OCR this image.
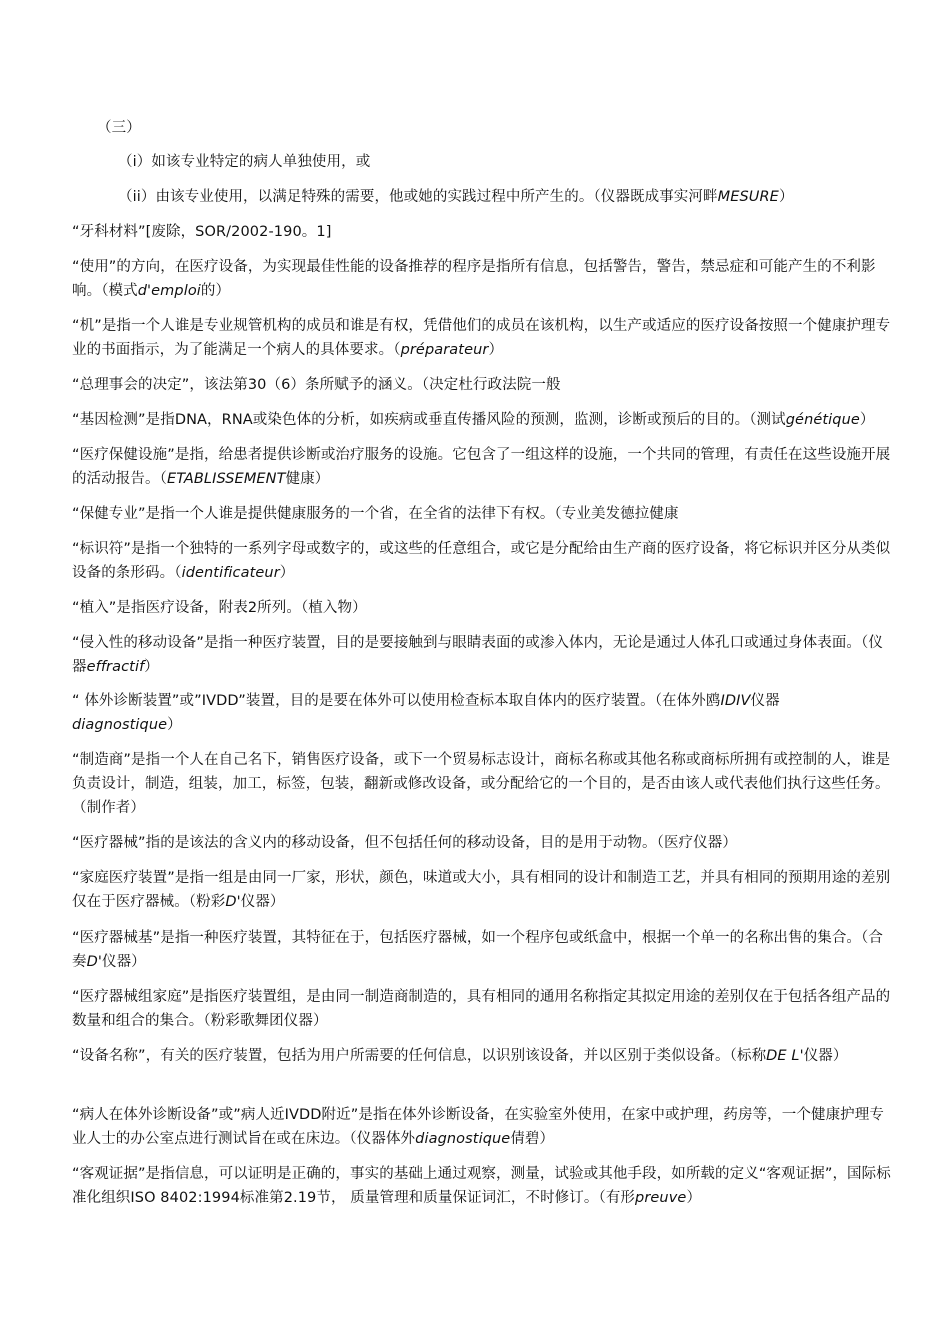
（三）
（i）如该专业特定的病人单独使用，或
（ii）由该专业使用，以满足特殊的需要，他或她的实践过程中所产生的。（仪器既成事实河畔MESURE）
“牙科材料”[废除，SOR/2002-190。1]
“使用”的方向，在医疗设备，为实现最佳性能的设备推荐的程序是指所有信息，包括警告，警告，禁忌症和可能产生的不利影响。（模式d'emploi的）
“机”是指一个人谁是专业规管机构的成员和谁是有权，凭借他们的成员在该机构，以生产或适应的医疗设备按照一个健康护理专业的书面指示，为了能满足一个病人的具体要求。（préparateur）
“总理事会的决定”，该法第30（6）条所赋予的涵义。（决定杜行政法院一般
“基因检测”是指DNA，RNA或染色体的分析，如疾病或垂直传播风险的预测，监测，诊断或预后的目的。（测试génétique）
“医疗保健设施”是指，给患者提供诊断或治疗服务的设施。它包含了一组这样的设施，一个共同的管理，有责任在这些设施开展的活动报告。（ETABLISSEMENT健康）
“保健专业”是指一个人谁是提供健康服务的一个省，在全省的法律下有权。（专业美发德拉健康
“标识符”是指一个独特的一系列字母或数字的，或这些的任意组合，或它是分配给由生产商的医疗设备，将它标识并区分从类似设备的条形码。（identificateur）
“植入”是指医疗设备，附表2所列。（植入物）
“侵入性的移动设备”是指一种医疗装置，目的是要接触到与眼睛表面的或渗入体内，无论是通过人体孔口或通过身体表面。（仪器effractif）
“ 体外诊断装置”或”IVDD”装置，目的是要在体外可以使用检查标本取自体内的医疗装置。（在体外鸥IDIV仪器 diagnostique）
“制造商”是指一个人在自己名下，销售医疗设备，或下一个贸易标志设计，商标名称或其他名称或商标所拥有或控制的人，谁是负责设计，制造，组装，加工，标签，包装，翻新或修改设备，或分配给它的一个目的，是否由该人或代表他们执行这些任务。（制作者）
“医疗器械”指的是该法的含义内的移动设备，但不包括任何的移动设备，目的是用于动物。（医疗仪器）
“家庭医疗装置”是指一组是由同一厂家，形状，颜色，味道或大小，具有相同的设计和制造工艺，并具有相同的预期用途的差别仅在于医疗器械。（粉彩D'仪器）
“医疗器械基”是指一种医疗装置，其特征在于，包括医疗器械，如一个程序包或纸盒中，根据一个单一的名称出售的集合。（合奏D'仪器）
“医疗器械组家庭”是指医疗装置组，是由同一制造商制造的，具有相同的通用名称指定其拟定用途的差别仅在于包括各组产品的数量和组合的集合。（粉彩歌舞团仪器）
“设备名称”，有关的医疗装置，包括为用户所需要的任何信息，以识别该设备，并以区别于类似设备。（标称DE L'仪器）
“病人在体外诊断设备”或”病人近IVDD附近”是指在体外诊断设备，在实验室外使用，在家中或护理，药房等，一个健康护理专业人士的办公室点进行测试旨在或在床边。（仪器体外diagnostique倩碧）
“客观证据”是指信息，可以证明是正确的，事实的基础上通过观察，测量，试验或其他手段，如所载的定义“客观证据”，国际标准化组织ISO 8402:1994标准第2.19节， 质量管理和质量保证词汇，不时修订。（有形preuve）
